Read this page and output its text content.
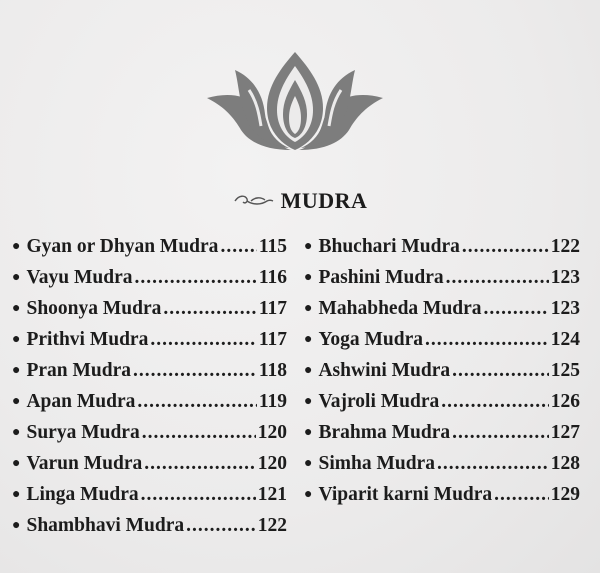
MUDRA
● Gyan or Dhyan Mudra ..... 115
● Vayu Mudra .....	116
● Shoonya Mudra .....	117
● Prithvi Mudra .....	117
● Pran Mudra .....	118
● Apan Mudra .....	119
● Surya Mudra .....	120
● Varun Mudra .....	120
● Linga Mudra .....	121
● Shambhavi Mudra .....	122
● Bhuchari Mudra .....	122
● Pashini Mudra .....	123
● Mahabheda Mudra .....	123
● Yoga Mudra .....	124
● Ashwini Mudra .....	125
● Vajroli Mudra .....	126
● Brahma Mudra .....	127
● Simha Mudra .....	128
● Viparit karni Mudra .....	129
